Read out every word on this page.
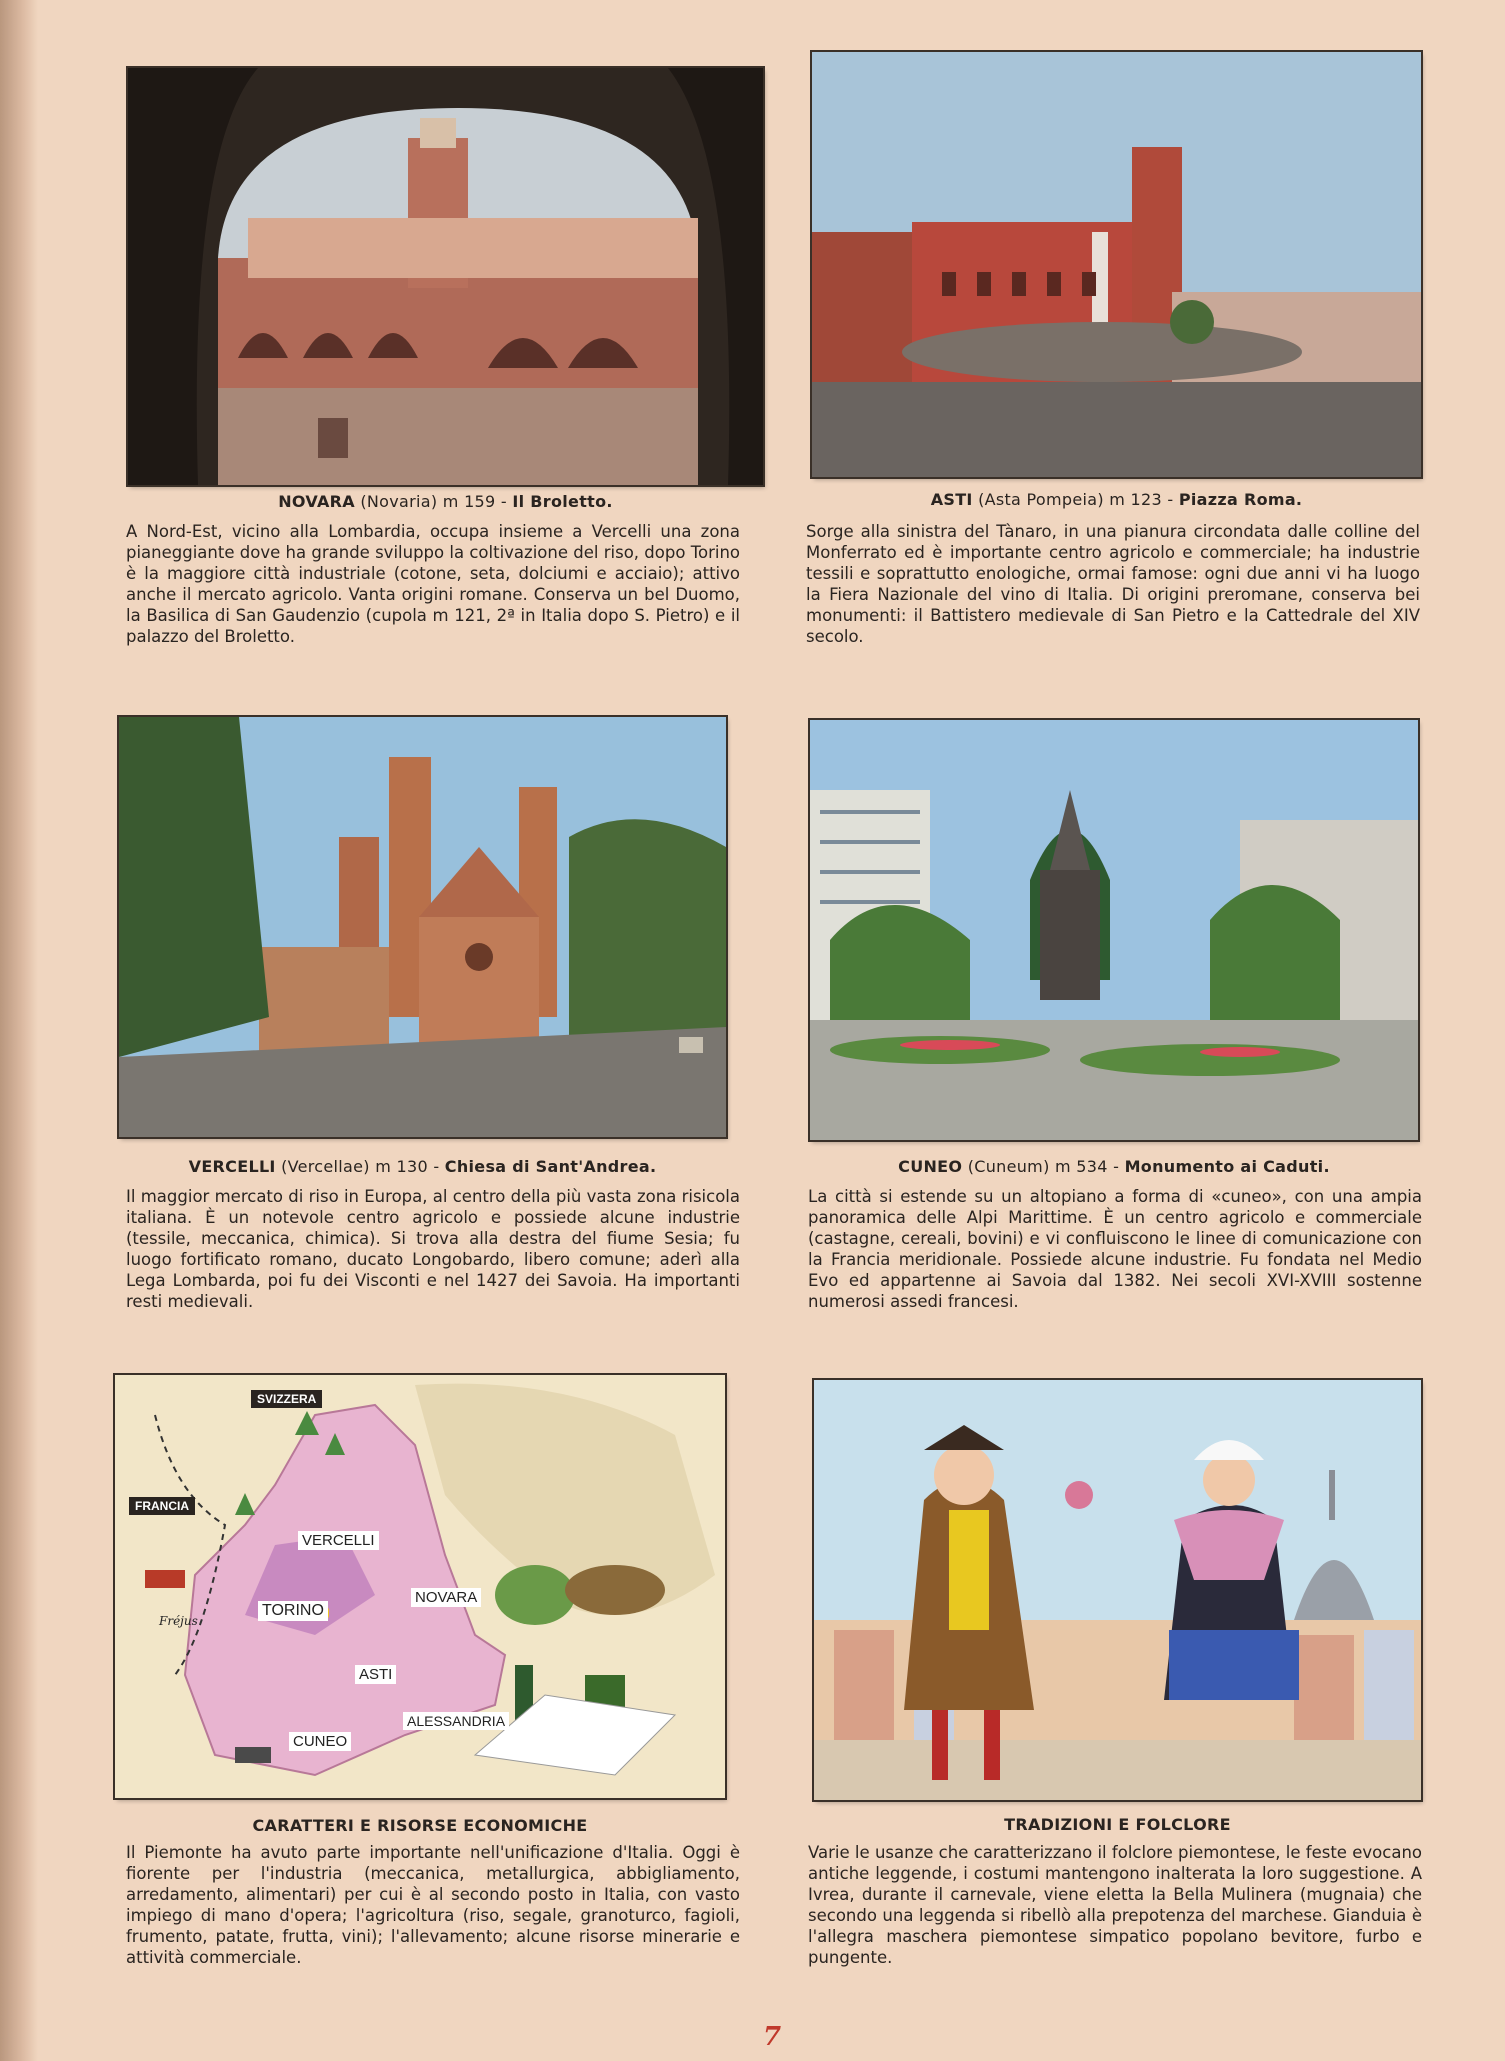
NOVARA (Novaria) m 159 - Il Broletto.
A Nord-Est, vicino alla Lombardia, occupa insieme a Vercelli una zona pianeggiante dove ha grande sviluppo la coltivazione del riso, dopo Torino è la maggiore città industriale (cotone, seta, dolciumi e acciaio); attivo anche il mercato agricolo. Vanta origini romane. Conserva un bel Duomo, la Basilica di San Gaudenzio (cupola m 121, 2ª in Italia dopo S. Pietro) e il palazzo del Broletto.
ASTI (Asta Pompeia) m 123 - Piazza Roma.
Sorge alla sinistra del Tànaro, in una pianura circondata dalle colline del Monferrato ed è importante centro agricolo e commerciale; ha industrie tessili e soprattutto enologiche, ormai famose: ogni due anni vi ha luogo la Fiera Nazionale del vino di Italia. Di origini preromane, conserva bei monumenti: il Battistero medievale di San Pietro e la Cattedrale del XIV secolo.
VERCELLI (Vercellae) m 130 - Chiesa di Sant'Andrea.
Il maggior mercato di riso in Europa, al centro della più vasta zona risicola italiana. È un notevole centro agricolo e possiede alcune industrie (tessile, meccanica, chimica). Si trova alla destra del fiume Sesia; fu luogo fortificato romano, ducato Longobardo, libero comune; aderì alla Lega Lombarda, poi fu dei Visconti e nel 1427 dei Savoia. Ha importanti resti medievali.
CUNEO (Cuneum) m 534 - Monumento ai Caduti.
La città si estende su un altopiano a forma di «cuneo», con una ampia panoramica delle Alpi Marittime. È un centro agricolo e commerciale (castagne, cereali, bovini) e vi confluiscono le linee di comunicazione con la Francia meridionale. Possiede alcune industrie. Fu fondata nel Medio Evo ed appartenne ai Savoia dal 1382. Nei secoli XVI-XVIII sostenne numerosi assedi francesi.
SVIZZERA
FRANCIA
VERCELLI
NOVARA
TORINO
Fréjus
ASTI
ALESSANDRIA
CUNEO
CARATTERI E RISORSE ECONOMICHE
Il Piemonte ha avuto parte importante nell'unificazione d'Italia. Oggi è fiorente per l'industria (meccanica, metallurgica, abbigliamento, arredamento, alimentari) per cui è al secondo posto in Italia, con vasto impiego di mano d'opera; l'agricoltura (riso, segale, granoturco, fagioli, frumento, patate, frutta, vini); l'allevamento; alcune risorse minerarie e attività commerciale.
TRADIZIONI E FOLCLORE
Varie le usanze che caratterizzano il folclore piemontese, le feste evocano antiche leggende, i costumi mantengono inalterata la loro suggestione. A Ivrea, durante il carnevale, viene eletta la Bella Mulinera (mugnaia) che secondo una leggenda si ribellò alla prepotenza del marchese. Gianduia è l'allegra maschera piemontese simpatico popolano bevitore, furbo e pungente.
7
